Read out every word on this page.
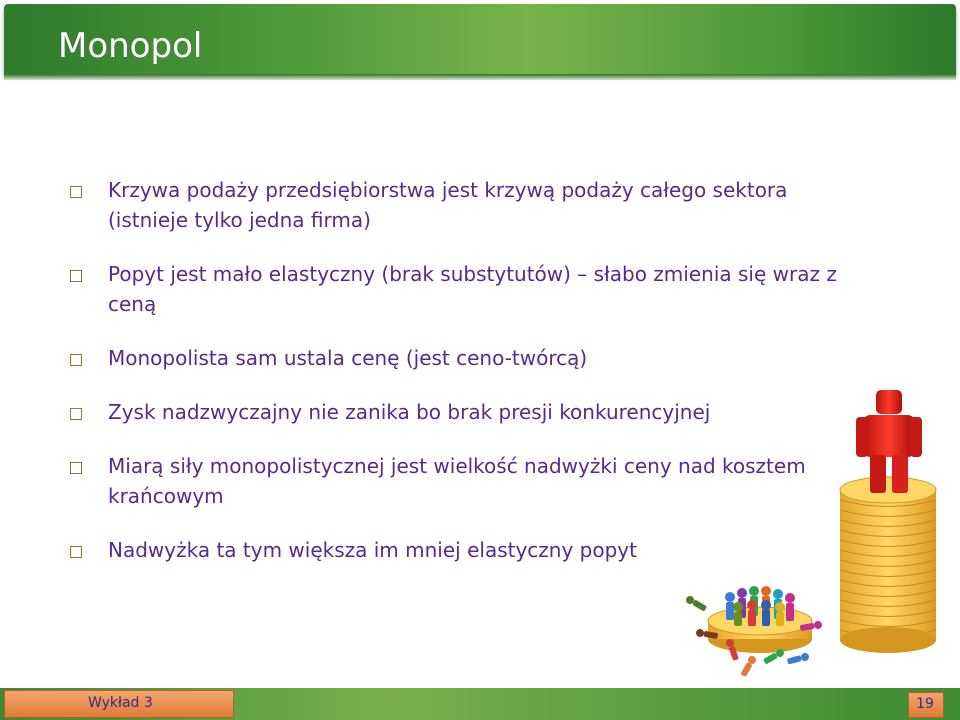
Monopol
Krzywa podaży przedsiębiorstwa jest krzywą podaży całego sektora (istnieje tylko jedna firma)
Popyt jest mało elastyczny (brak substytutów) – słabo zmienia się wraz z ceną
Monopolista sam ustala cenę (jest ceno-twórcą)
Zysk nadzwyczajny nie zanika bo brak presji konkurencyjnej
Miarą siły monopolistycznej jest wielkość nadwyżki ceny nad kosztem krańcowym
Nadwyżka ta tym większa im mniej elastyczny popyt
Wykład 3	19
